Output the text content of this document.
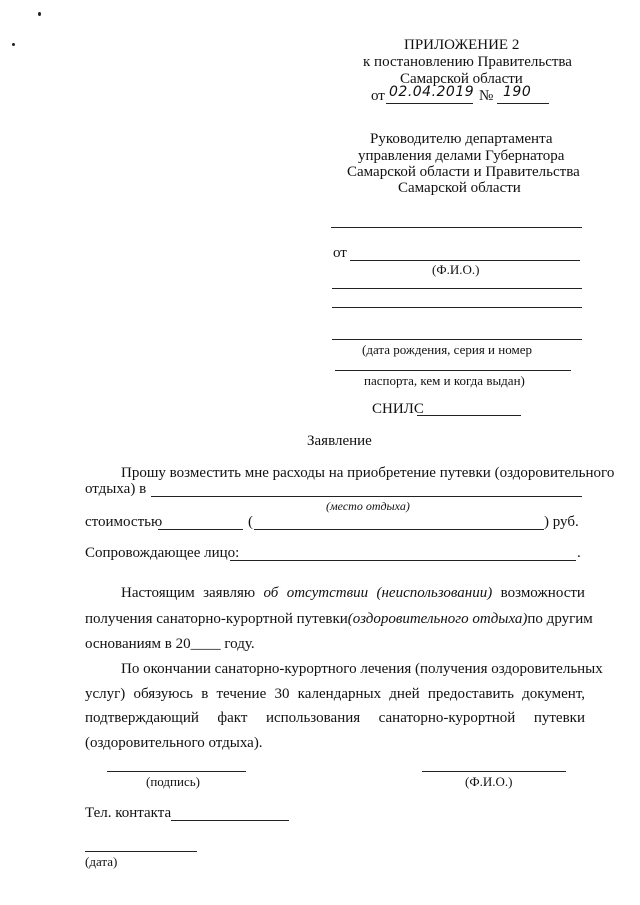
ПРИЛОЖЕНИЕ 2
к постановлению Правительства
Самарской области
от 02.04.2019 № 190
Руководителю департамента
управления делами Губернатора
Самарской области и Правительства
Самарской области
от
(Ф.И.О.)
(дата рождения, серия и номер
паспорта, кем и когда выдан)
СНИЛС
Заявление
Прошу возместить мне расходы на приобретение путевки (оздоровительного
отдыха) в
(место отдыха)
стоимостью	(	) руб.
Сопровождающее лицо:	.
Настоящим заявляю об отсутствии (неиспользовании) возможности
получения санаторно-курортной путевки (оздоровительного отдыха) по другим
основаниям в 20____ году.
По окончании санаторно-курортного лечения (получения оздоровительных
услуг) обязуюсь в течение 30 календарных дней предоставить документ,
подтверждающий факт использования санаторно-курортной путевки
(оздоровительного отдыха).
(подпись)	(Ф.И.О.)
Тел. контакта
(дата)
